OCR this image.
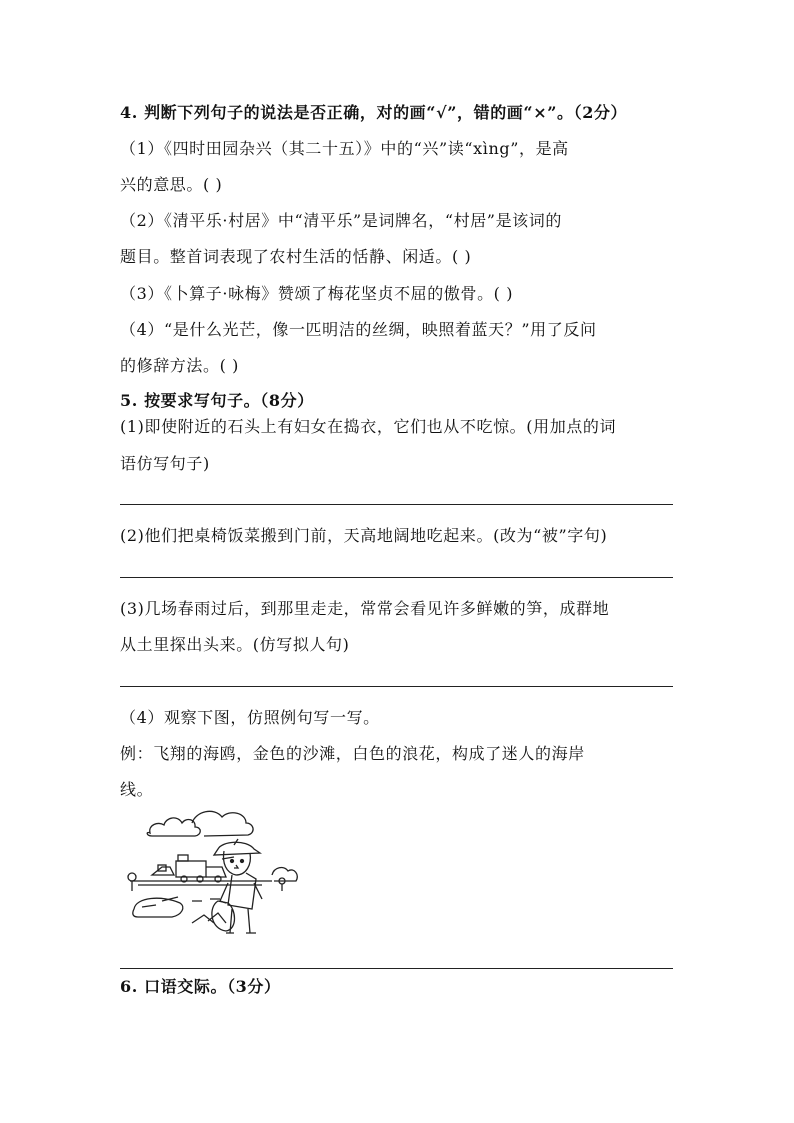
4. 判断下列句子的说法是否正确，对的画“√”，错的画“×”。（2分）
（1）《四时田园杂兴（其二十五）》中的“兴”读“xìng”，是高
兴的意思。( )
（2）《清平乐·村居》中“清平乐”是词牌名，“村居”是该词的
题目。整首词表现了农村生活的恬静、闲适。( )
（3）《卜算子·咏梅》赞颂了梅花坚贞不屈的傲骨。( )
（4）“是什么光芒，像一匹明洁的丝绸，映照着蓝天？”用了反问
的修辞方法。( )
5. 按要求写句子。（8分）
(1)即使附近的石头上有妇女在捣衣，它们也从不吃惊。(用加点的词
语仿写句子)
(2)他们把桌椅饭菜搬到门前，天高地阔地吃起来。(改为“被”字句)
(3)几场春雨过后，到那里走走，常常会看见许多鲜嫩的笋，成群地
从土里探出头来。(仿写拟人句)
（4）观察下图，仿照例句写一写。
例：飞翔的海鸥，金色的沙滩，白色的浪花，构成了迷人的海岸
线。
6. 口语交际。（3分）
